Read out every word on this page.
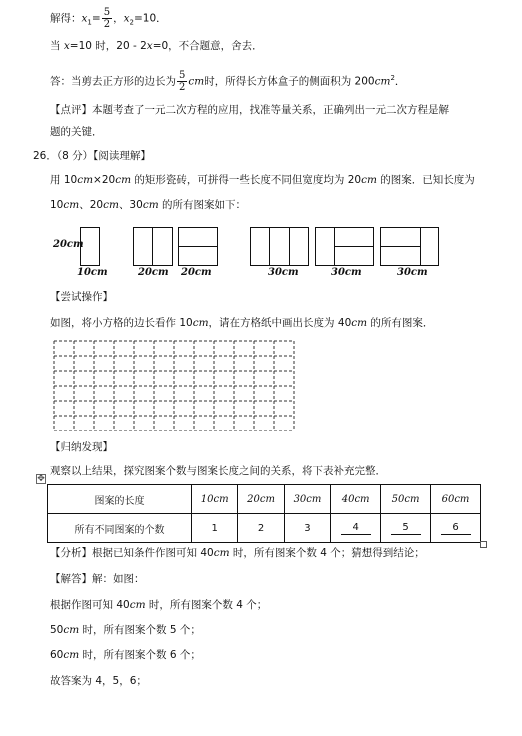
解得：$x_1= \frac{5}{2}$ ，$x_2=10$．
当 x=10 时，20 - 2x=0，不合题意，舍去．
答：当剪去正方形的边长为 $\frac{5}{2}$ cm时，所得长方体盒子的侧面积为 $200cm^2$．
【点评】本题考查了一元二次方程的应用，找准等量关系，正确列出一元二次方程是解
题的关键．
26．（8 分）【阅读理解】
用 10cm×20cm 的矩形瓷砖，可拼得一些长度不同但宽度均为 20cm 的图案．已知长度为
10cm、20cm、30cm 的所有图案如下：
20cm
10cm	20cm 20cm	30cm	30cm	30cm
【尝试操作】
如图，将小方格的边长看作 10cm，请在方格纸中画出长度为 40cm 的所有图案．
【归纳发现】
✥
观察以上结果，探究图案个数与图案长度之间的关系，将下表补充完整．
图案的长度	10cm	20cm	30cm	40cm	50cm	60cm
所有不同图案的个数	1	2	3	4	5	6
【分析】根据已知条件作图可知 40cm 时，所有图案个数 4 个；猜想得到结论；
【解答】解：如图：
根据作图可知 40cm 时，所有图案个数 4 个；
50cm 时，所有图案个数 5 个；
60cm 时，所有图案个数 6 个；
故答案为 4，5，6；
